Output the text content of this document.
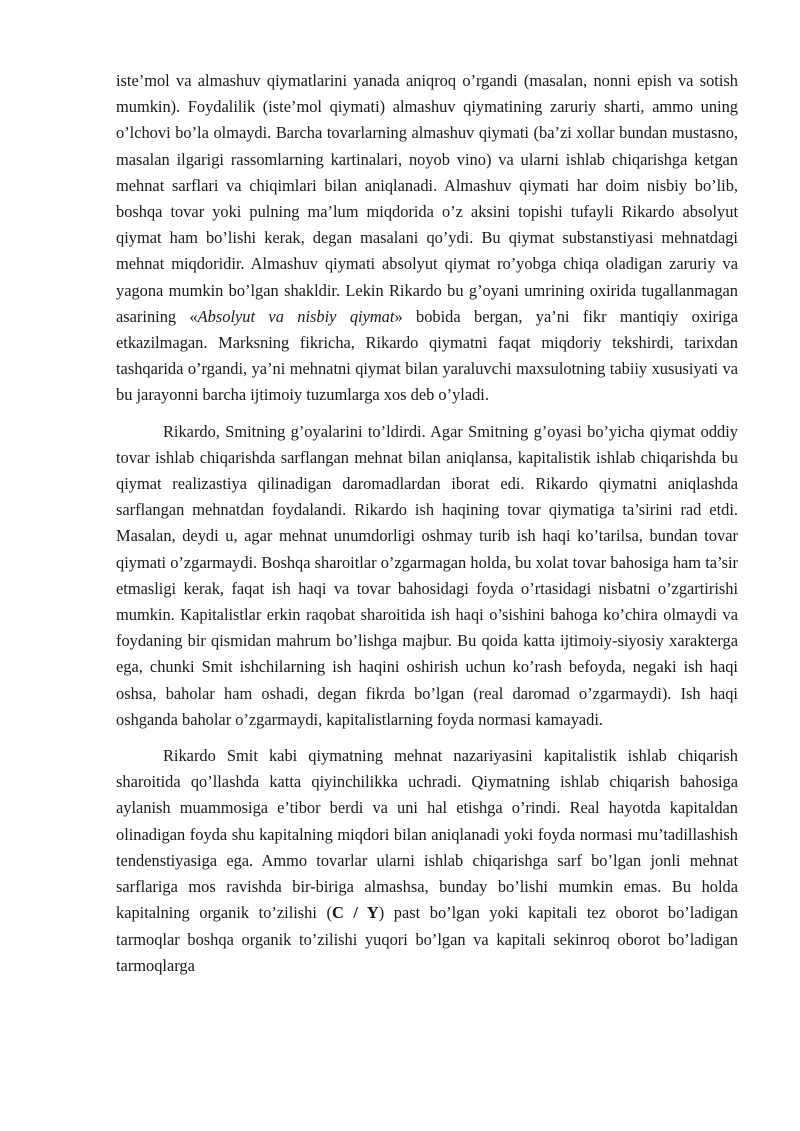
iste’mol va almashuv qiymatlarini yanada aniqroq o’rgandi (masalan, nonni epish va sotish mumkin). Foydalilik (iste’mol qiymati) almashuv qiymatining zaruriy sharti, ammo uning o’lchovi bo’la olmaydi. Barcha tovarlarning almashuv qiymati (ba’zi xollar bundan mustasno, masalan ilgarigi rassomlarning kartinalari, noyob vino) va ularni ishlab chiqarishga ketgan mehnat sarflari va chiqimlari bilan aniqlanadi. Almashuv qiymati har doim nisbiy bo’lib, boshqa tovar yoki pulning ma’lum miqdorida o’z aksini topishi tufayli Rikardo absolyut qiymat ham bo’lishi kerak, degan masalani qo’ydi. Bu qiymat substanstiyasi mehnatdagi mehnat miqdoridir. Almashuv qiymati absolyut qiymat ro’yobga chiqa oladigan zaruriy va yagona mumkin bo’lgan shakldir. Lekin Rikardo bu g’oyani umrining oxirida tugallanmagan asarining «Absolyut va nisbiy qiymat» bobida bergan, ya’ni fikr mantiqiy oxiriga etkazilmagan. Marksning fikricha, Rikardo qiymatni faqat miqdoriy tekshirdi, tarixdan tashqarida o’rgandi, ya’ni mehnatni qiymat bilan yaraluvchi maxsulotning tabiiy xususiyati va bu jarayonni barcha ijtimoiy tuzumlarga xos deb o’yladi.

Rikardo, Smitning g’oyalarini to’ldirdi. Agar Smitning g’oyasi bo’yicha qiymat oddiy tovar ishlab chiqarishda sarflangan mehnat bilan aniqlansa, kapitalistik ishlab chiqarishda bu qiymat realizastiya qilinadigan daromadlardan iborat edi. Rikardo qiymatni aniqlashda sarflangan mehnatdan foydalandi. Rikardo ish haqining tovar qiymatiga ta’sirini rad etdi. Masalan, deydi u, agar mehnat unumdorligi oshmay turib ish haqi ko’tarilsa, bundan tovar qiymati o’zgarmaydi. Boshqa sharoitlar o’zgarmagan holda, bu xolat tovar bahosiga ham ta’sir etmasligi kerak, faqat ish haqi va tovar bahosidagi foyda o’rtasidagi nisbatni o’zgartirishi mumkin. Kapitalistlar erkin raqobat sharoitida ish haqi o’sishini bahoga ko’chira olmaydi va foydaning bir qismidan mahrum bo’lishga majbur. Bu qoida katta ijtimoiy-siyosiy xarakterga ega, chunki Smit ishchilarning ish haqini oshirish uchun ko’rash befoyda, negaki ish haqi oshsa, baholar ham oshadi, degan fikrda bo’lgan (real daromad o’zgarmaydi). Ish haqi oshganda baholar o’zgarmaydi, kapitalistlarning foyda normasi kamayadi.

Rikardo Smit kabi qiymatning mehnat nazariyasini kapitalistik ishlab chiqarish sharoitida qo’llashda katta qiyinchilikka uchradi. Qiymatning ishlab chiqarish bahosiga aylanish muammosiga e’tibor berdi va uni hal etishga o’rindi. Real hayotda kapitaldan olinadigan foyda shu kapitalning miqdori bilan aniqlanadi yoki foyda normasi mu’tadillashish tendenstiyasiga ega. Ammo tovarlar ularni ishlab chiqarishga sarf bo’lgan jonli mehnat sarflariga mos ravishda bir-biriga almashsa, bunday bo’lishi mumkin emas. Bu holda kapitalning organik to’zilishi (C / Y) past bo’lgan yoki kapitali tez oborot bo’ladigan tarmoqlar boshqa organik to’zilishi yuqori bo’lgan va kapitali sekinroq oborot bo’ladigan tarmoqlarga
